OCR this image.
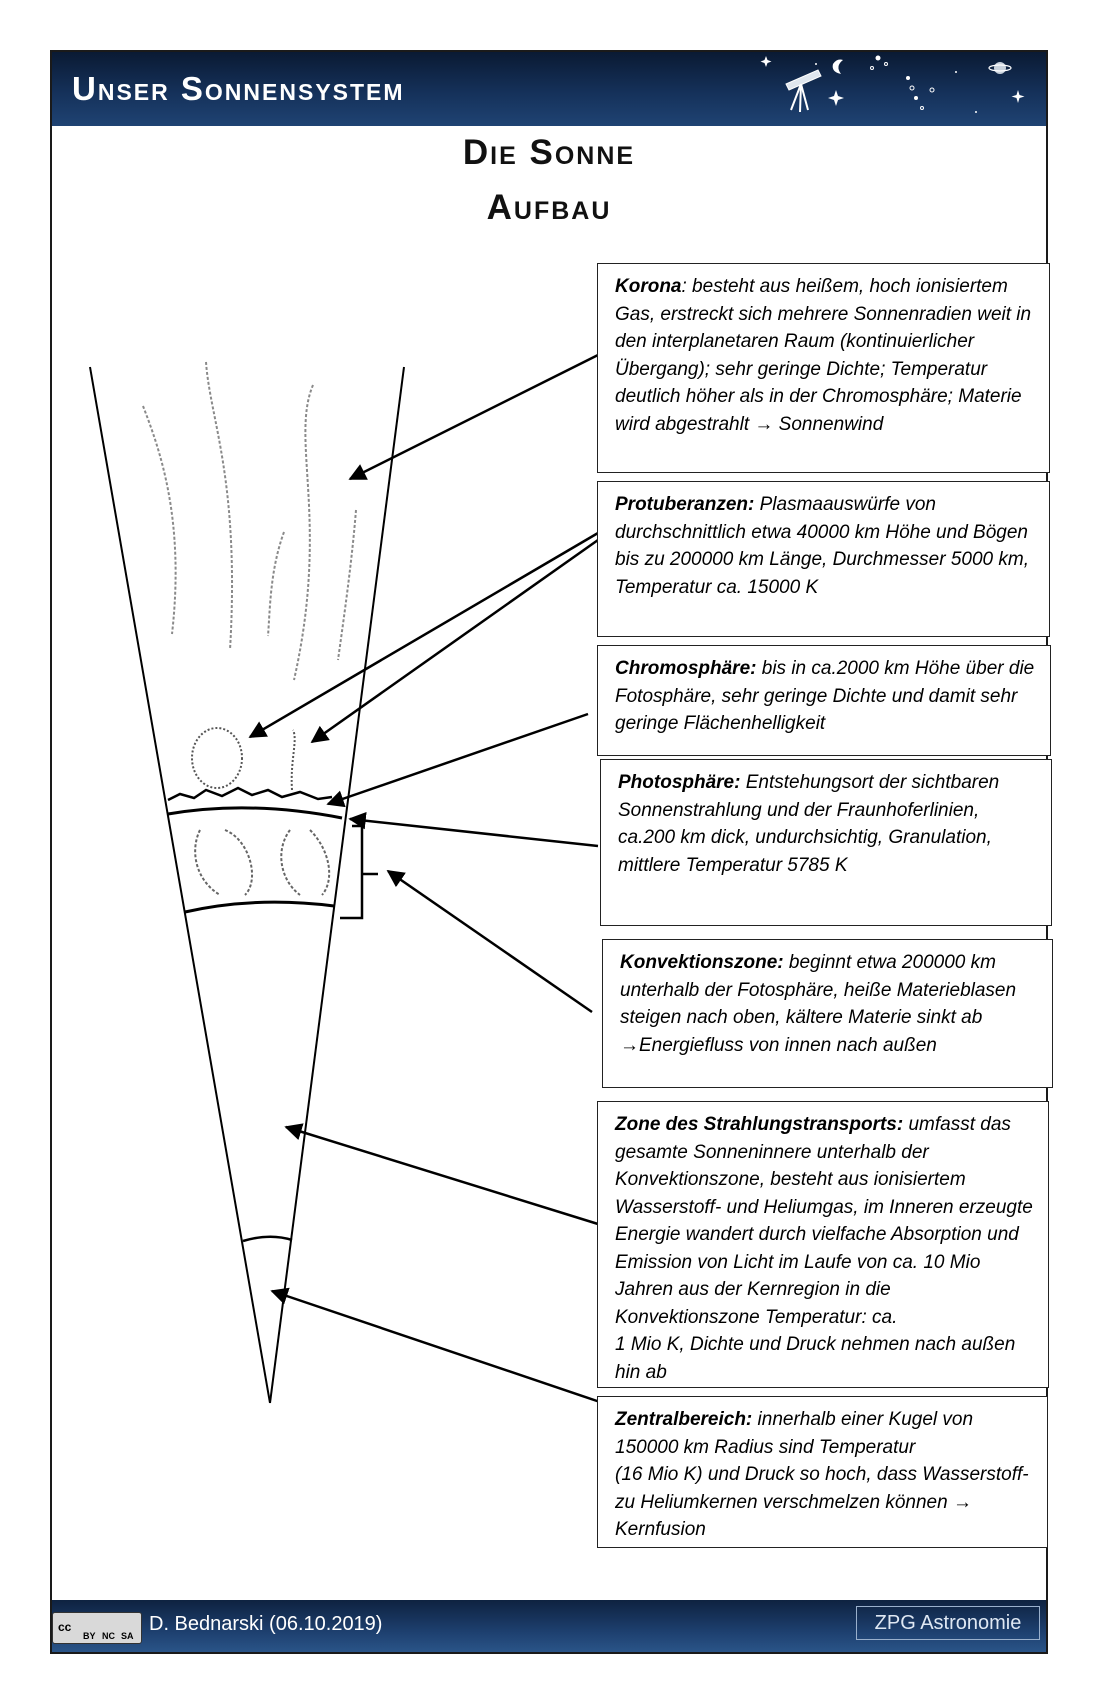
Unser Sonnensystem
Die Sonne
Aufbau
Korona: besteht aus heißem, hoch ionisiertem Gas, erstreckt sich mehrere Sonnenradien weit in den interplanetaren Raum (kontinuierlicher Übergang); sehr geringe Dichte; Temperatur deutlich höher als in der Chromosphäre; Materie wird abgestrahlt → Sonnenwind
Protuberanzen: Plasmaauswürfe von durchschnittlich etwa 40000 km Höhe und Bögen bis zu 200000 km Länge, Durchmesser 5000 km, Temperatur ca. 15000 K
Chromosphäre: bis in ca.2000 km Höhe über die Fotosphäre, sehr geringe Dichte und damit sehr geringe Flächenhelligkeit
Photosphäre: Entstehungsort der sichtbaren Sonnenstrahlung und der Fraunhoferlinien, ca.200 km dick, undurchsichtig, Granulation, mittlere Temperatur 5785 K
Konvektionszone: beginnt etwa 200000 km unterhalb der Fotosphäre, heiße Materieblasen steigen nach oben, kältere Materie sinkt ab →Energiefluss von innen nach außen
Zone des Strahlungstransports: umfasst das gesamte Sonneninnere unterhalb der Konvektionszone, besteht aus ionisiertem Wasserstoff- und Heliumgas, im Inneren erzeugte Energie wandert durch vielfache Absorption und Emission von Licht im Laufe von ca. 10 Mio Jahren aus der Kernregion in die Konvektionszone Temperatur: ca.
1 Mio K, Dichte und Druck nehmen nach außen hin ab
Zentralbereich: innerhalb einer Kugel von 150000 km Radius sind Temperatur
(16 Mio K) und Druck so hoch, dass Wasserstoff- zu Heliumkernen verschmelzen können → Kernfusion
cc
BY NC SA
D. Bednarski (06.10.2019)	ZPG Astronomie
